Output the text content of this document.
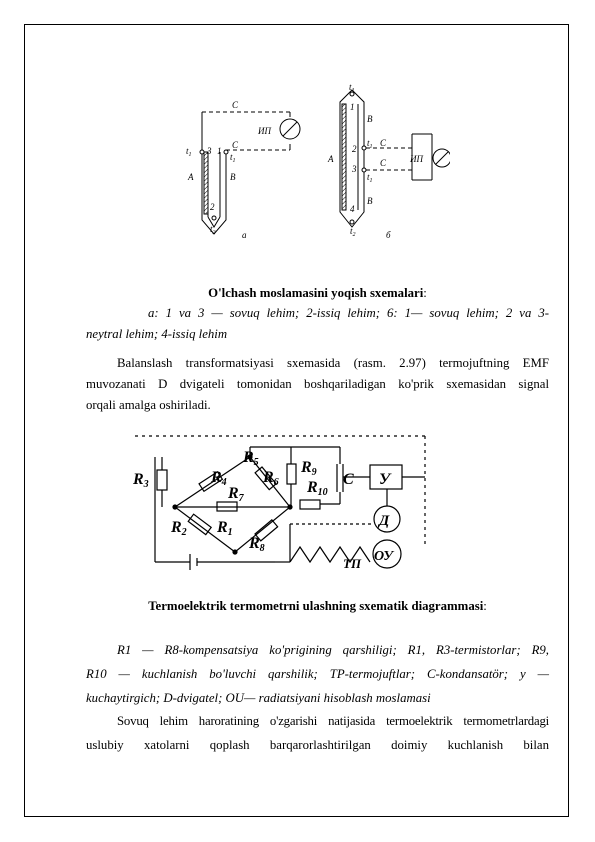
C
C
ИП
$t_1$ 3 1
$t_1$
A	B
2
$t_2$	a
$t_1$
1
B
2
$t_1$ C
C	ИП
A
3
$t_1$
B
4
$t_2$	б
O'lchash moslamasini yoqish sxemalari:
a: 1 va 3 — sovuq lehim; 2-issiq lehim; 6: 1— sovuq lehim; 2 va 3-
neytral lehim; 4-issiq lehim
Balanslash transformatsiyasi sxemasida (rasm. 2.97) termojuftning EMF
muvozanati D dvigateli tomonidan boshqariladigan ko'prik sxemasidan signal
orqali amalga oshiriladi.
R3	R4
R5
R6
R7
R2 R1
R8
R9
R10
C У
Д
ОУ
ТП
Termoelektrik termometrni ulashning sxematik diagrammasi:
R1 — R8-kompensatsiya ko'prigining qarshiligi; R1, R3-termistorlar; R9,
R10 — kuchlanish bo'luvchi qarshilik; TP-termojuftlar; C-kondansatör; y —
kuchaytirgich; D-dvigatel; OU— radiatsiyani hisoblash moslamasi
Sovuq lehim haroratining o'zgarishi natijasida termoelektrik termometrlardagi
uslubiy xatolarni qoplash barqarorlashtirilgan doimiy kuchlanish bilan
